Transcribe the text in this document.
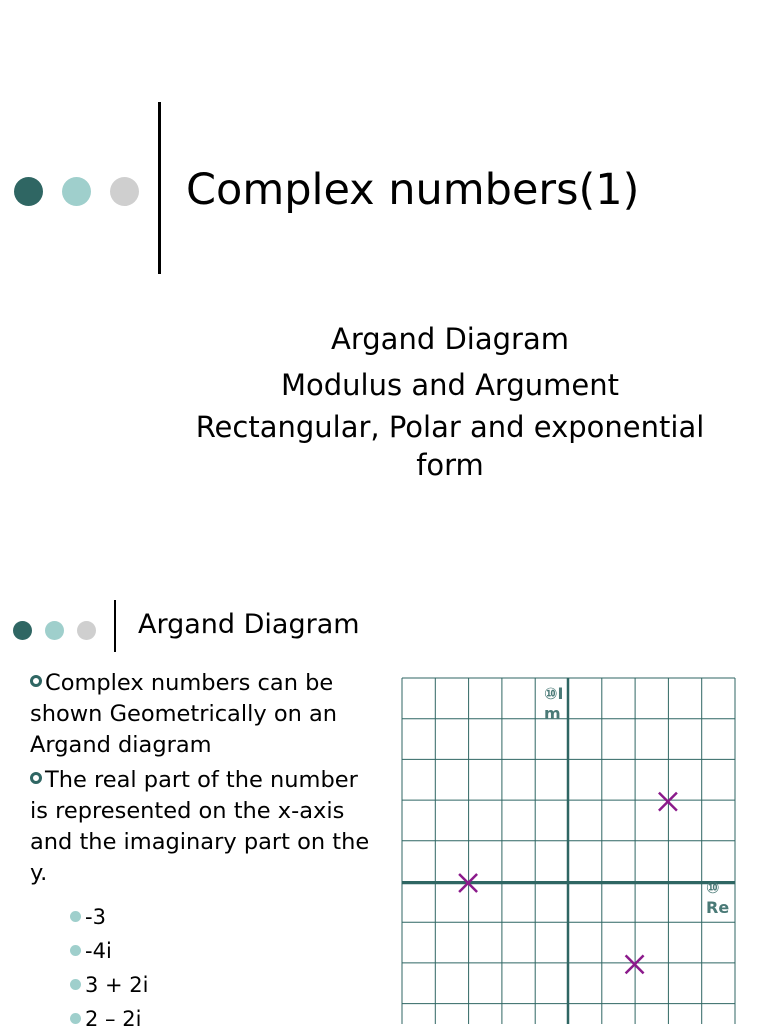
Complex numbers(1)
Argand Diagram
Modulus and Argument
Rectangular, Polar and exponential form
Argand Diagram
Complex numbers can be shown Geometrically on an Argand diagram
The real part of the number is represented on the x-axis and the imaginary part on the y.
-3
-4i
3 + 2i
2 – 2i
⑩Im
⑩Re
